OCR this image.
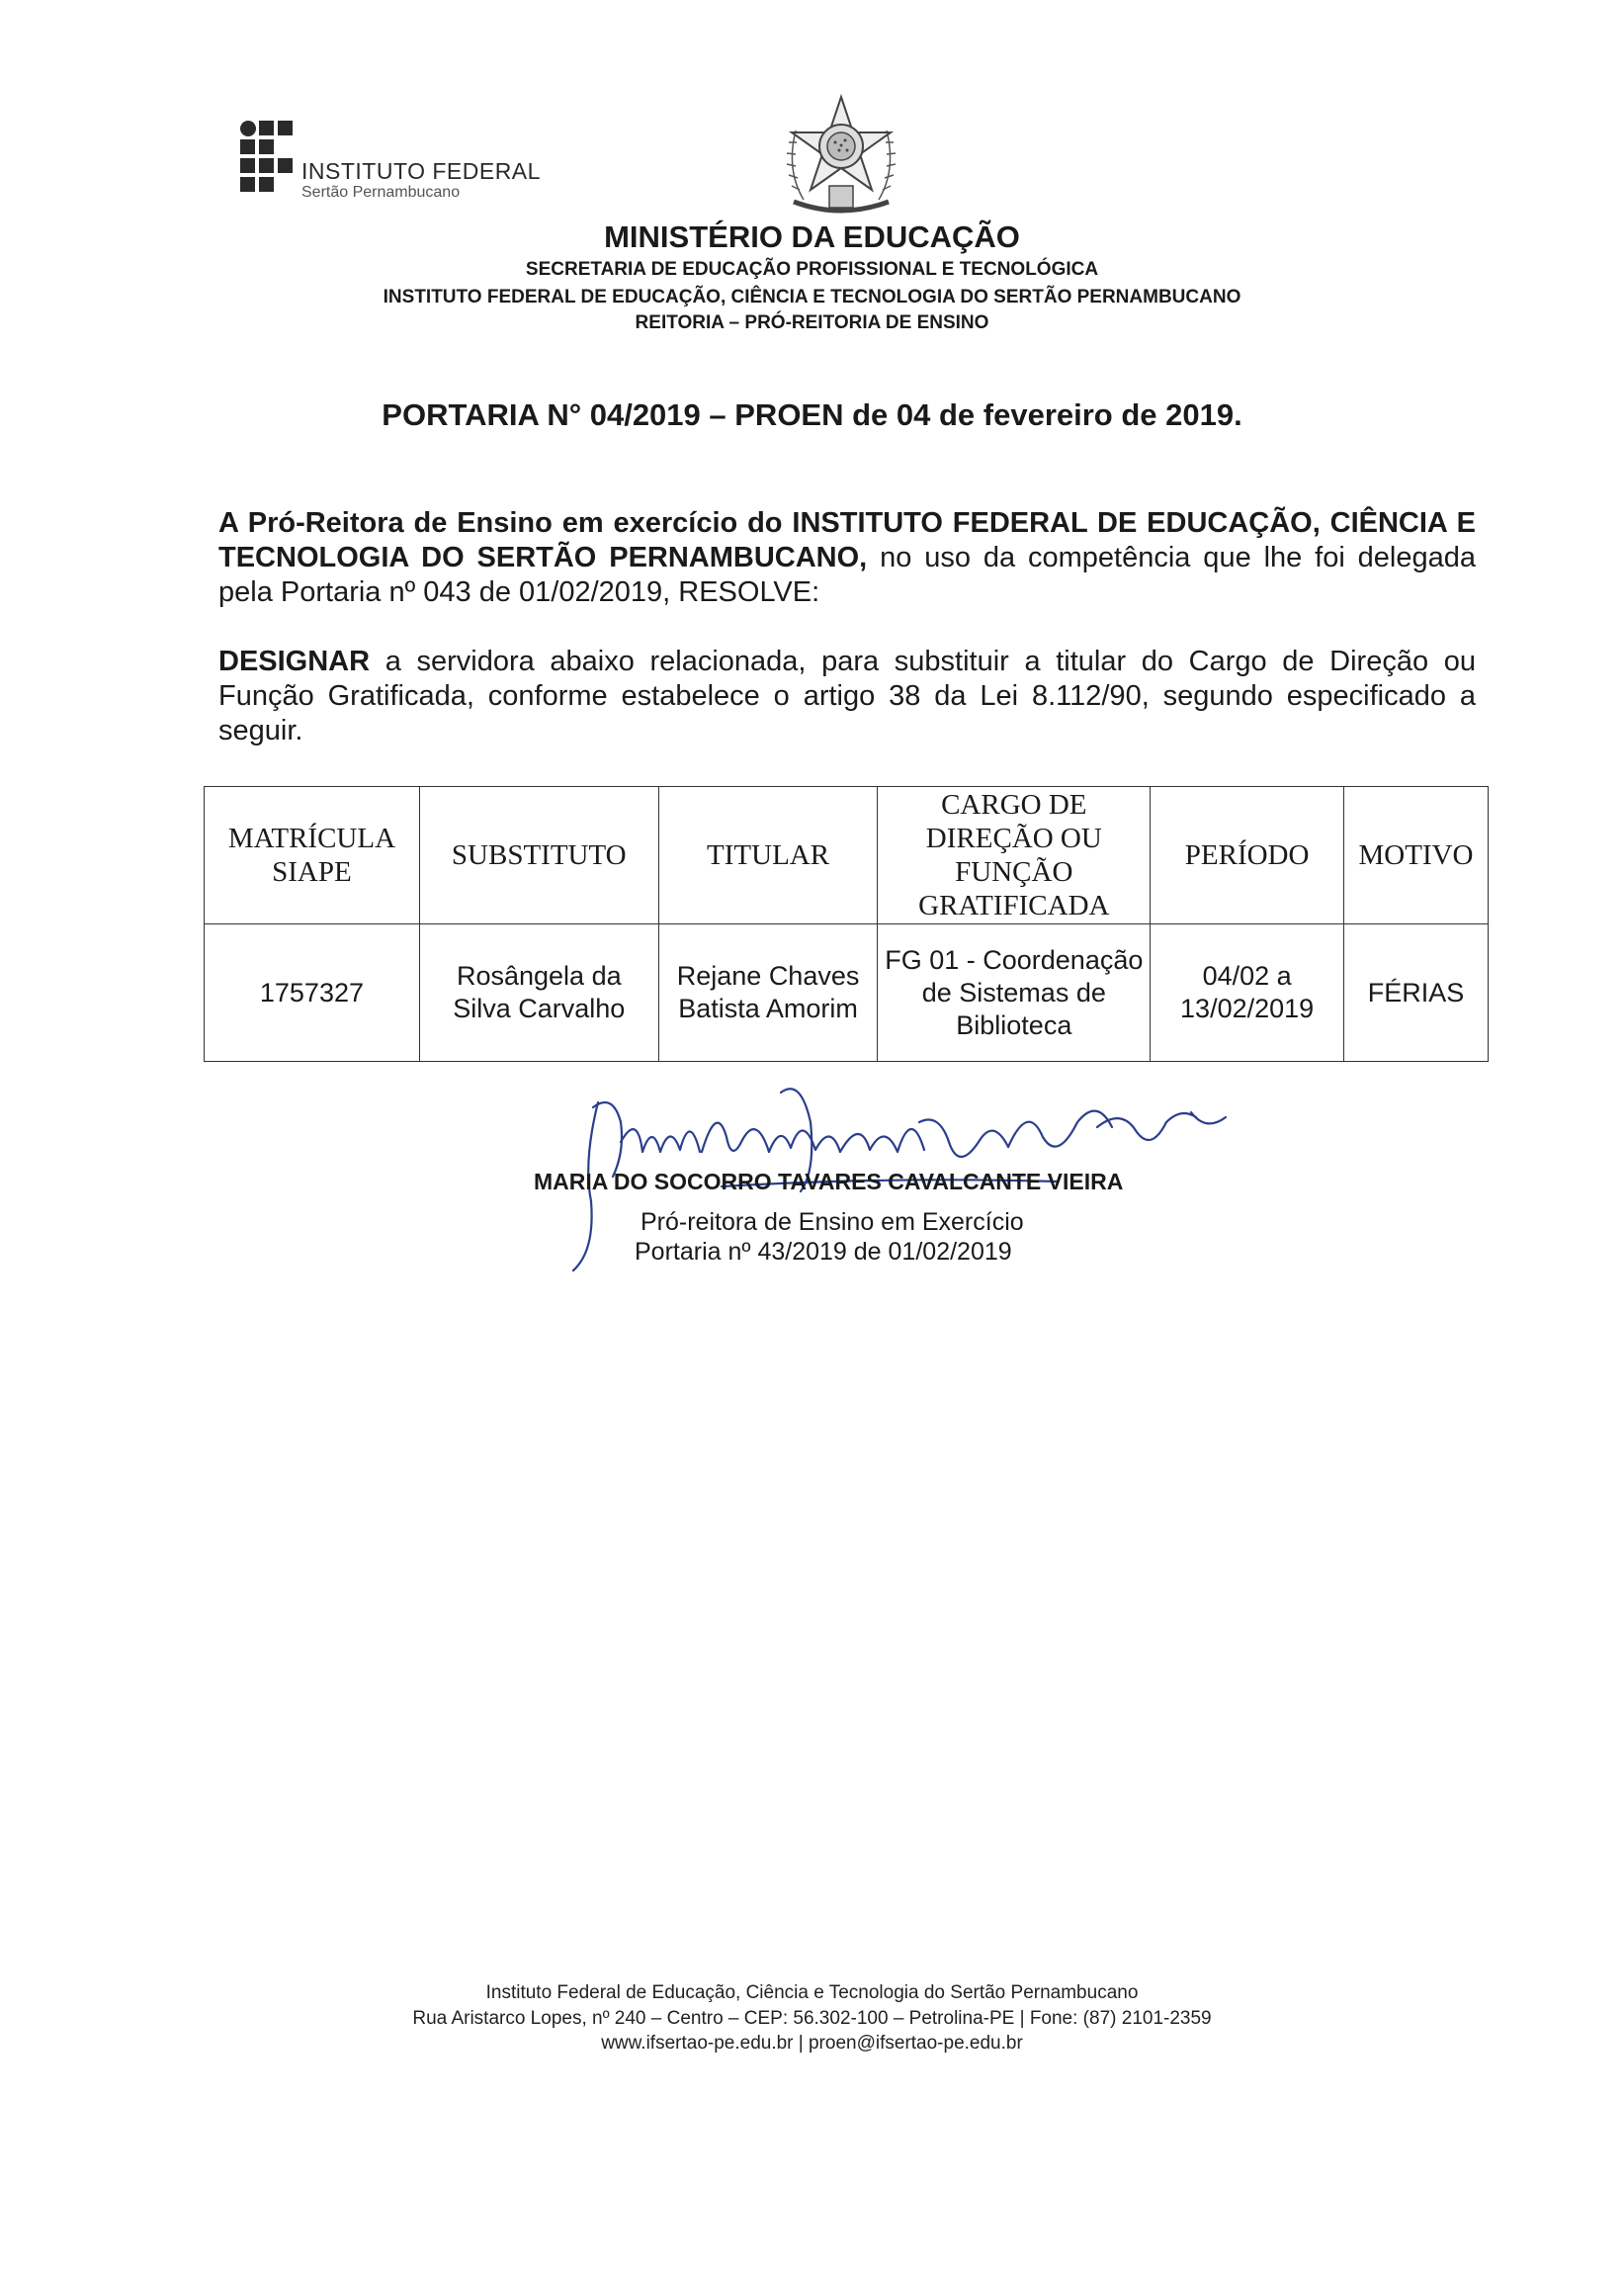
INSTITUTO FEDERAL
Sertão Pernambucano
MINISTÉRIO DA EDUCAÇÃO
SECRETARIA DE EDUCAÇÃO PROFISSIONAL E TECNOLÓGICA
INSTITUTO FEDERAL DE EDUCAÇÃO, CIÊNCIA E TECNOLOGIA DO SERTÃO PERNAMBUCANO
REITORIA – PRÓ-REITORIA DE ENSINO
PORTARIA N° 04/2019 – PROEN de 04 de fevereiro de 2019.
A Pró-Reitora de Ensino em exercício do INSTITUTO FEDERAL DE EDUCAÇÃO, CIÊNCIA E TECNOLOGIA DO SERTÃO PERNAMBUCANO, no uso da competência que lhe foi delegada pela Portaria nº 043 de 01/02/2019, RESOLVE:
DESIGNAR a servidora abaixo relacionada, para substituir a titular do Cargo de Direção ou Função Gratificada, conforme estabelece o artigo 38 da Lei 8.112/90, segundo especificado a seguir.
MATRÍCULA SIAPE	SUBSTITUTO	TITULAR	CARGO DE DIREÇÃO OU FUNÇÃO GRATIFICADA	PERÍODO	MOTIVO
1757327	Rosângela da Silva Carvalho	Rejane Chaves Batista Amorim	FG 01 - Coordenação de Sistemas de Biblioteca	04/02 a 13/02/2019	FÉRIAS
MARIA DO SOCORRO TAVARES CAVALCANTE VIEIRA
Pró-reitora de Ensino em Exercício
Portaria nº 43/2019 de 01/02/2019
Instituto Federal de Educação, Ciência e Tecnologia do Sertão Pernambucano
Rua Aristarco Lopes, nº 240 – Centro – CEP: 56.302-100 – Petrolina-PE | Fone: (87) 2101-2359
www.ifsertao-pe.edu.br | proen@ifsertao-pe.edu.br
